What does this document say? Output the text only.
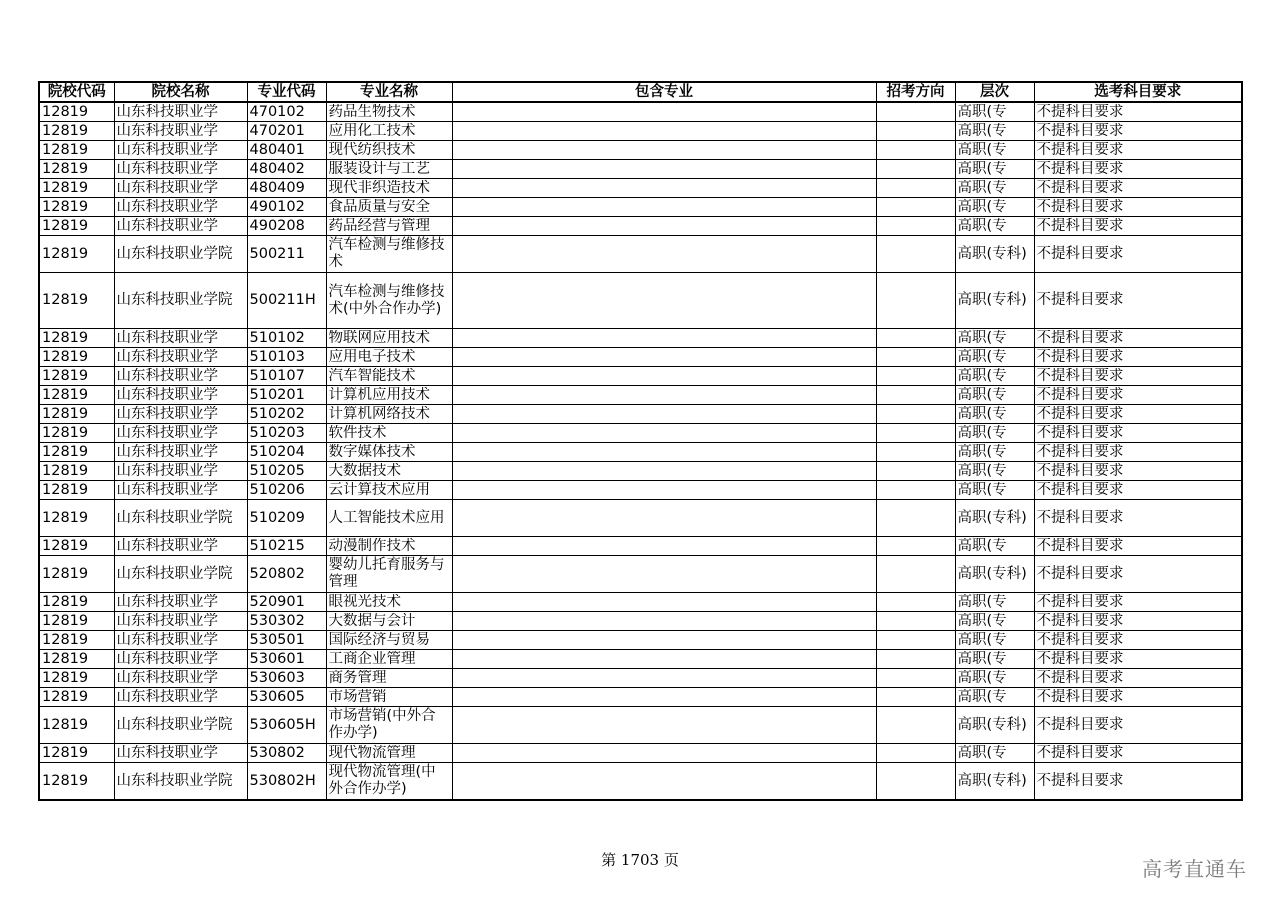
院校代码	院校名称	专业代码	专业名称	包含专业	招考方向	层次	选考科目要求

12819	山东科技职业学	470102	药品生物技术			高职(专	不提科目要求

12819	山东科技职业学	470201	应用化工技术			高职(专	不提科目要求

12819	山东科技职业学	480401	现代纺织技术			高职(专	不提科目要求

12819	山东科技职业学	480402	服装设计与工艺			高职(专	不提科目要求

12819	山东科技职业学	480409	现代非织造技术			高职(专	不提科目要求

12819	山东科技职业学	490102	食品质量与安全			高职(专	不提科目要求

12819	山东科技职业学	490208	药品经营与管理			高职(专	不提科目要求

12819	山东科技职业学院	500211	汽车检测与维修技术			高职(专科)	不提科目要求

12819	山东科技职业学院	500211H	汽车检测与维修技术(中外合作办学)			高职(专科)	不提科目要求

12819	山东科技职业学	510102	物联网应用技术			高职(专	不提科目要求

12819	山东科技职业学	510103	应用电子技术			高职(专	不提科目要求

12819	山东科技职业学	510107	汽车智能技术			高职(专	不提科目要求

12819	山东科技职业学	510201	计算机应用技术			高职(专	不提科目要求

12819	山东科技职业学	510202	计算机网络技术			高职(专	不提科目要求

12819	山东科技职业学	510203	软件技术			高职(专	不提科目要求

12819	山东科技职业学	510204	数字媒体技术			高职(专	不提科目要求

12819	山东科技职业学	510205	大数据技术			高职(专	不提科目要求

12819	山东科技职业学	510206	云计算技术应用			高职(专	不提科目要求

12819	山东科技职业学院	510209	人工智能技术应用			高职(专科)	不提科目要求

12819	山东科技职业学	510215	动漫制作技术			高职(专	不提科目要求

12819	山东科技职业学院	520802	婴幼儿托育服务与管理			高职(专科)	不提科目要求

12819	山东科技职业学	520901	眼视光技术			高职(专	不提科目要求

12819	山东科技职业学	530302	大数据与会计			高职(专	不提科目要求

12819	山东科技职业学	530501	国际经济与贸易			高职(专	不提科目要求

12819	山东科技职业学	530601	工商企业管理			高职(专	不提科目要求

12819	山东科技职业学	530603	商务管理			高职(专	不提科目要求

12819	山东科技职业学	530605	市场营销			高职(专	不提科目要求

12819	山东科技职业学院	530605H	市场营销(中外合作办学)			高职(专科)	不提科目要求

12819	山东科技职业学	530802	现代物流管理			高职(专	不提科目要求

12819	山东科技职业学院	530802H	现代物流管理(中外合作办学)			高职(专科)	不提科目要求
第 1703 页	高考直通车
